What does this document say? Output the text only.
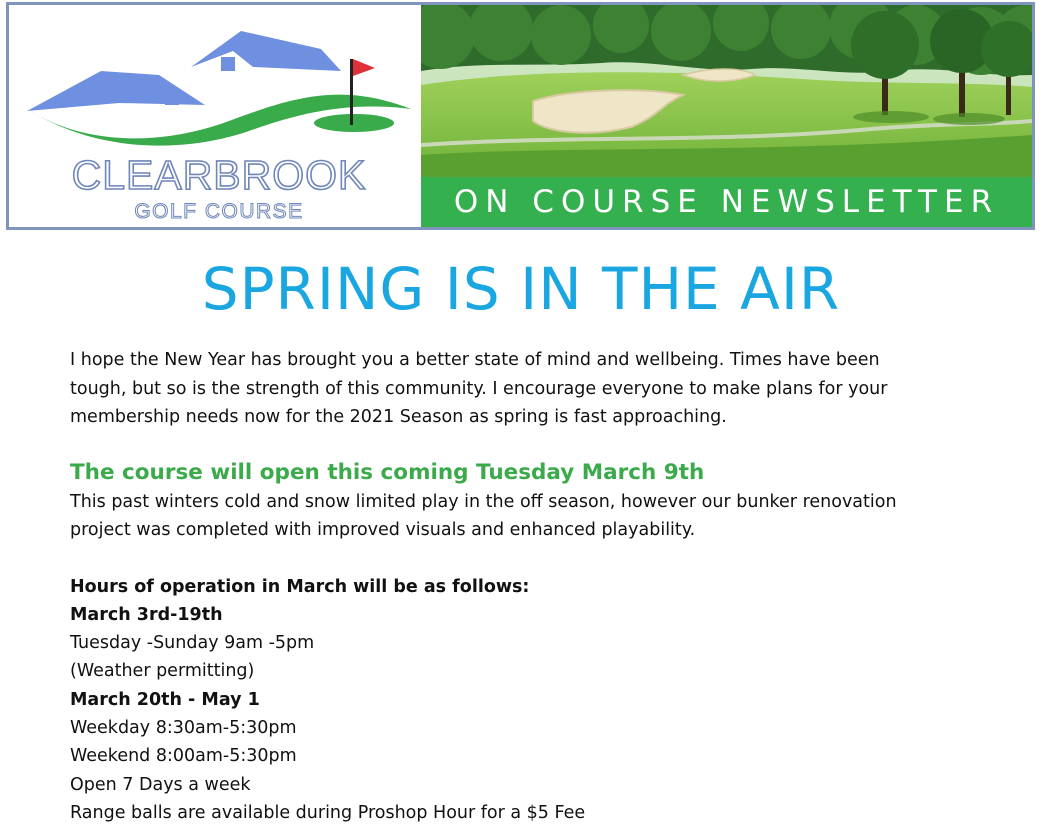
CLEARBROOK
GOLF COURSE	ON COURSE NEWSLETTER
SPRING IS IN THE AIR

I hope the New Year has brought you a better state of mind and wellbeing. Times have been tough, but so is the strength of this community. I encourage everyone to make plans for your membership needs now for the 2021 Season as spring is fast approaching.

The course will open this coming Tuesday March 9th

This past winters cold and snow limited play in the off season, however our bunker renovation project was completed with improved visuals and enhanced playability.

Hours of operation in March will be as follows:

March 3rd-19th

Tuesday -Sunday 9am -5pm

(Weather permitting)

March 20th - May 1

Weekday 8:30am-5:30pm

Weekend 8:00am-5:30pm

Open 7 Days a week

Range balls are available during Proshop Hour for a $5 Fee
